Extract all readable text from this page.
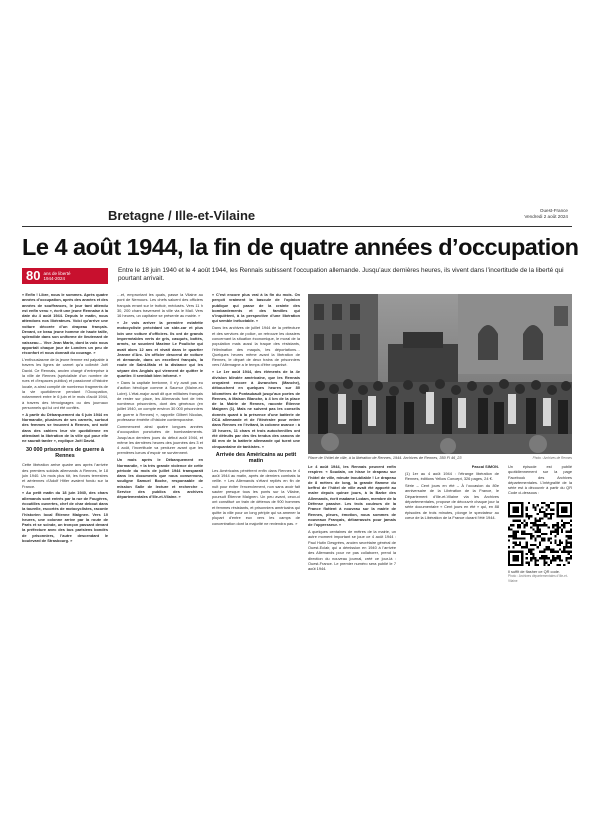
Bretagne / Ille-et-Vilaine	Ouest-France
Vendredi 2 août 2024
Le 4 août 1944, la fin de quatre années d’occupation
80 ans de liberté
1944-2024
Entre le 18 juin 1940 et le 4 août 1944, les Rennais subissent l’occupation allemande. Jusqu’aux dernières heures, ils vivent dans l’incertitude de la liberté qui pourtant arrivait.

« Enfin ! Libre, nous le sommes. Après quatre années d’occupation, après des années et des années de souffrances, le jour tant attendu est enfin venu », écrit une jeune Rennaise à la date du 4 août 1944. Depuis le matin, nous attendons nos libérateurs. Voici qu’arrive une voiture décorée d’un drapeau français. Devant, ce beau jeune homme de haute taille, splendide dans son uniforme de lieutenant de vaisseau… Vive Jean Marin, dont la voix nous apportait chaque jour de Londres un peu de réconfort et nous donnait du courage. »

L’enthousiasme de la jeune femme est palpable à travers les lignes de carnet qu’a collecté Joël David. Ce Rennais, ancien chargé d’entreprise à la ville de Rennes (spécialiste d’un nombre de rues et d’espaces publics) et passionné d’histoire locale, a ainsi compilé de nombreux fragments de la vie quotidienne pendant l’Occupation, notamment entre le 6 juin et le mois d’août 1944, à travers des témoignages ou des journaux personnels qui lui ont été confiés.

« A partir du Débarquement du 6 juin 1944 en Normandie, plusieurs de ses carnets, surtout des femmes se trouvent à Rennes, ont noté dans des cahiers leur vie quotidienne en attendant la libération de la ville qui pour elle ne saurait tarder », explique Joël David.

30 000 prisonniers de guerre à Rennes

Cette libération arrive quatre ans après l’arrivée des premiers soldats allemands à Rennes, le 18 juin 1940. Un mois plus tôt, les forces terrestres et aériennes d’Adolf Hitler avaient fondu sur la France.

« Au petit matin du 18 juin 1940, des chars allemands sont entrés par la rue de Fougères, écoutilles ouvertes, chef de char debout dans la tourelle, escortés de motocyclistes, raconte l’historien local Étienne Maignen. Vers 10 heures, une colonne arrive par la route de Paris et se scinde, un tronçon passant devant la préfecture avec des bus parisiens bondés de prisonniers, l’autre descendant le boulevard de Strasbourg. »

…et, empruntant les quais, passe la Vilaine au pont de Nemours. Les chefs saluent des officiers français errant sur le trottoir, médusés. Vers 11 h 30, 200 chars traversent la ville via le Mail. Vers 16 heures, un capitaine se présente au mairie. »

« Je vois arriver la première estafette motocycliste précédant un side-car et plus loin une voiture d’officiers. Ils ont de grands imperméables verts de gris, casqués, bottés, armés, se souvient Maxime Le Pouliche qui avait alors 12 ans et vivait dans le quartier Jeanne d’Arc. Un officier descend de voiture et demande, dans un excellent français, la route de Saint-Malo et la distance qui les sépare des Anglais qui viennent de quitter le quartier. Il semblait bien informé. »

« Dans la capitale bretonne, il n’y avait pas eu d’action héroïque comme à Saumur (Maine-et-Loire). L’état-major avait dit que militaires français de rester sur place, les Allemands font de très nombreux prisonniers, dont des généraux (en juillet 1940, on compte environ 30 000 prisonniers de guerre à Rennes) », rappelle Gilbert Nicolas, professeur émérite d’histoire contemporaine.

Commencent ainsi quatre longues années d’occupation ponctuées de bombardements. Jusqu’aux derniers jours du début août 1944, et même les dernières heures des journées des 3 et 4 août, l’incertitude va perdurer avant que les premières lueurs d’espoir ne surviennent.

Un mois après le Débarquement en Normandie, « la très grande violence de cette période du mois de juillet 1944 transparaît dans les documents que nous conservons, souligne Samuel Boche, responsable de mission Salle de lecture et recherche – Service des publics des archives départementales d’Ille-et-Vilaine. »

« C’est encore plus vrai à la fin du mois. On perçoit vraiment la bascule de l’opinion publique qui passe de la crainte des bombardements et des familles qui s’inquiètent, à la perspective d’une libération qui semble inéluctable. »

Dans les archives de juillet 1944 de la préfecture et des services de police, on retrouve les dossiers concernant la situation économique, le moral de la population mais aussi la traque des résistants, l’élimination des maquis, les déportations… Quelques heures même avant la libération de Rennes, le départ de deux trains de prisonniers vers l’Allemagne a le temps d’être organisé.

« Le 1er août 1944, des éléments de la 4e division blindée américaine, que les Rennais croyaient encore à Avranches (Manche), débouchent en quelques heures sur 80 kilomètres de Pontaubault jusqu’aux portes de Rennes, à Maison Blanche, à 4 km de la place de la Mairie de Rennes, raconte Étienne Maignen (1). Mais ne suivent pas les conseils donnés quant à la présence d’une batterie de DCA allemande et de l’itinéraire pour entrer dans Rennes en l’évitant, la colonne avance : à 15 heures, 11 chars et trois autochenilles ont été détruits par des tirs tendus des canons de 88 mm de la batterie allemande qui tuent une cinquantaine de tankistes. »

Arrivée des Américains au petit matin

Les Américains pénètrent enfin dans Rennes le 4 août 1944 au matin, après de derniers combats la veille. « Les Allemands s’étant repliés en fin de nuit pour éviter l’encerclement, non sans avoir fait sauter presque tous les ponts sur la Vilaine, poursuit Étienne Maignen. Un peu avant, ceux-ci ont constitué un train de détenus de 900 hommes et femmes résistants, et prisonniers américains qui quitte la ville pour un long périple qui va amener la plupart d’entre eux vers les camps de concentration dont la majorité ne reviendra pas. »

Place de l’hôtel de ville, à la libération de Rennes, 1944. Archives de Rennes, 350 Fi 46_23	Photo : Archives de Rennes

Le 4 août 1944, les Rennais peuvent enfin respirer. « Soudain, on hisse le drapeau sur l’hôtel de ville, minute inoubliable ! Le drapeau de 8 mètres de long, la grande flamme du beffroi de l’hôtel de ville avait été apporté au maire depuis quinze jours, à la Barbe des Allemands, écrit madame Lodam, membre de la Défense passive. Les trois couleurs de la France flottent à nouveau sur la mairie de Rennes, pleurs, émotion, nous sommes de nouveaux Français, débarrassés pour jamais de l’oppresseur. »

A quelques centaines de mètres de la mairie, un autre moment important se joue ce 4 août 1944 : Paul Hutin Desgrées, ancien secrétaire général de Ouest-Eclair, qui a démission en 1940 à l’arrivée des Allemands pour ne pas collaborer, prend la direction du nouveau journal, créé ce jour-là : Ouest-France. Le premier numéro sera publié le 7 août 1944.

Pascal SIMON.

(1) 1er au 4 août 1944 : l’étrange libération de Rennes, éditions Yellow Concept, 326 pages, 24 €.

Série – Cent jours en été – À l’occasion du 80e anniversaire de la Libération de la France, le Département d’Ille-et-Vilaine via les Archives départementales, propose de découvrir chaque jour la série documentaire « Cent jours en été » qui, en 88 épisodes de trois minutes, plonge le spectateur au cœur de la Libération de la France durant l’été 1944.

Un épisode est publié quotidiennement sur la page Facebook des Archives départementales. L’intégralité de la série est à découvrir à partir du QR Code ci-dessous :

Il suffit de flasher ce QR code.
Photo : Archives départementales d’Ille-et-Vilaine
